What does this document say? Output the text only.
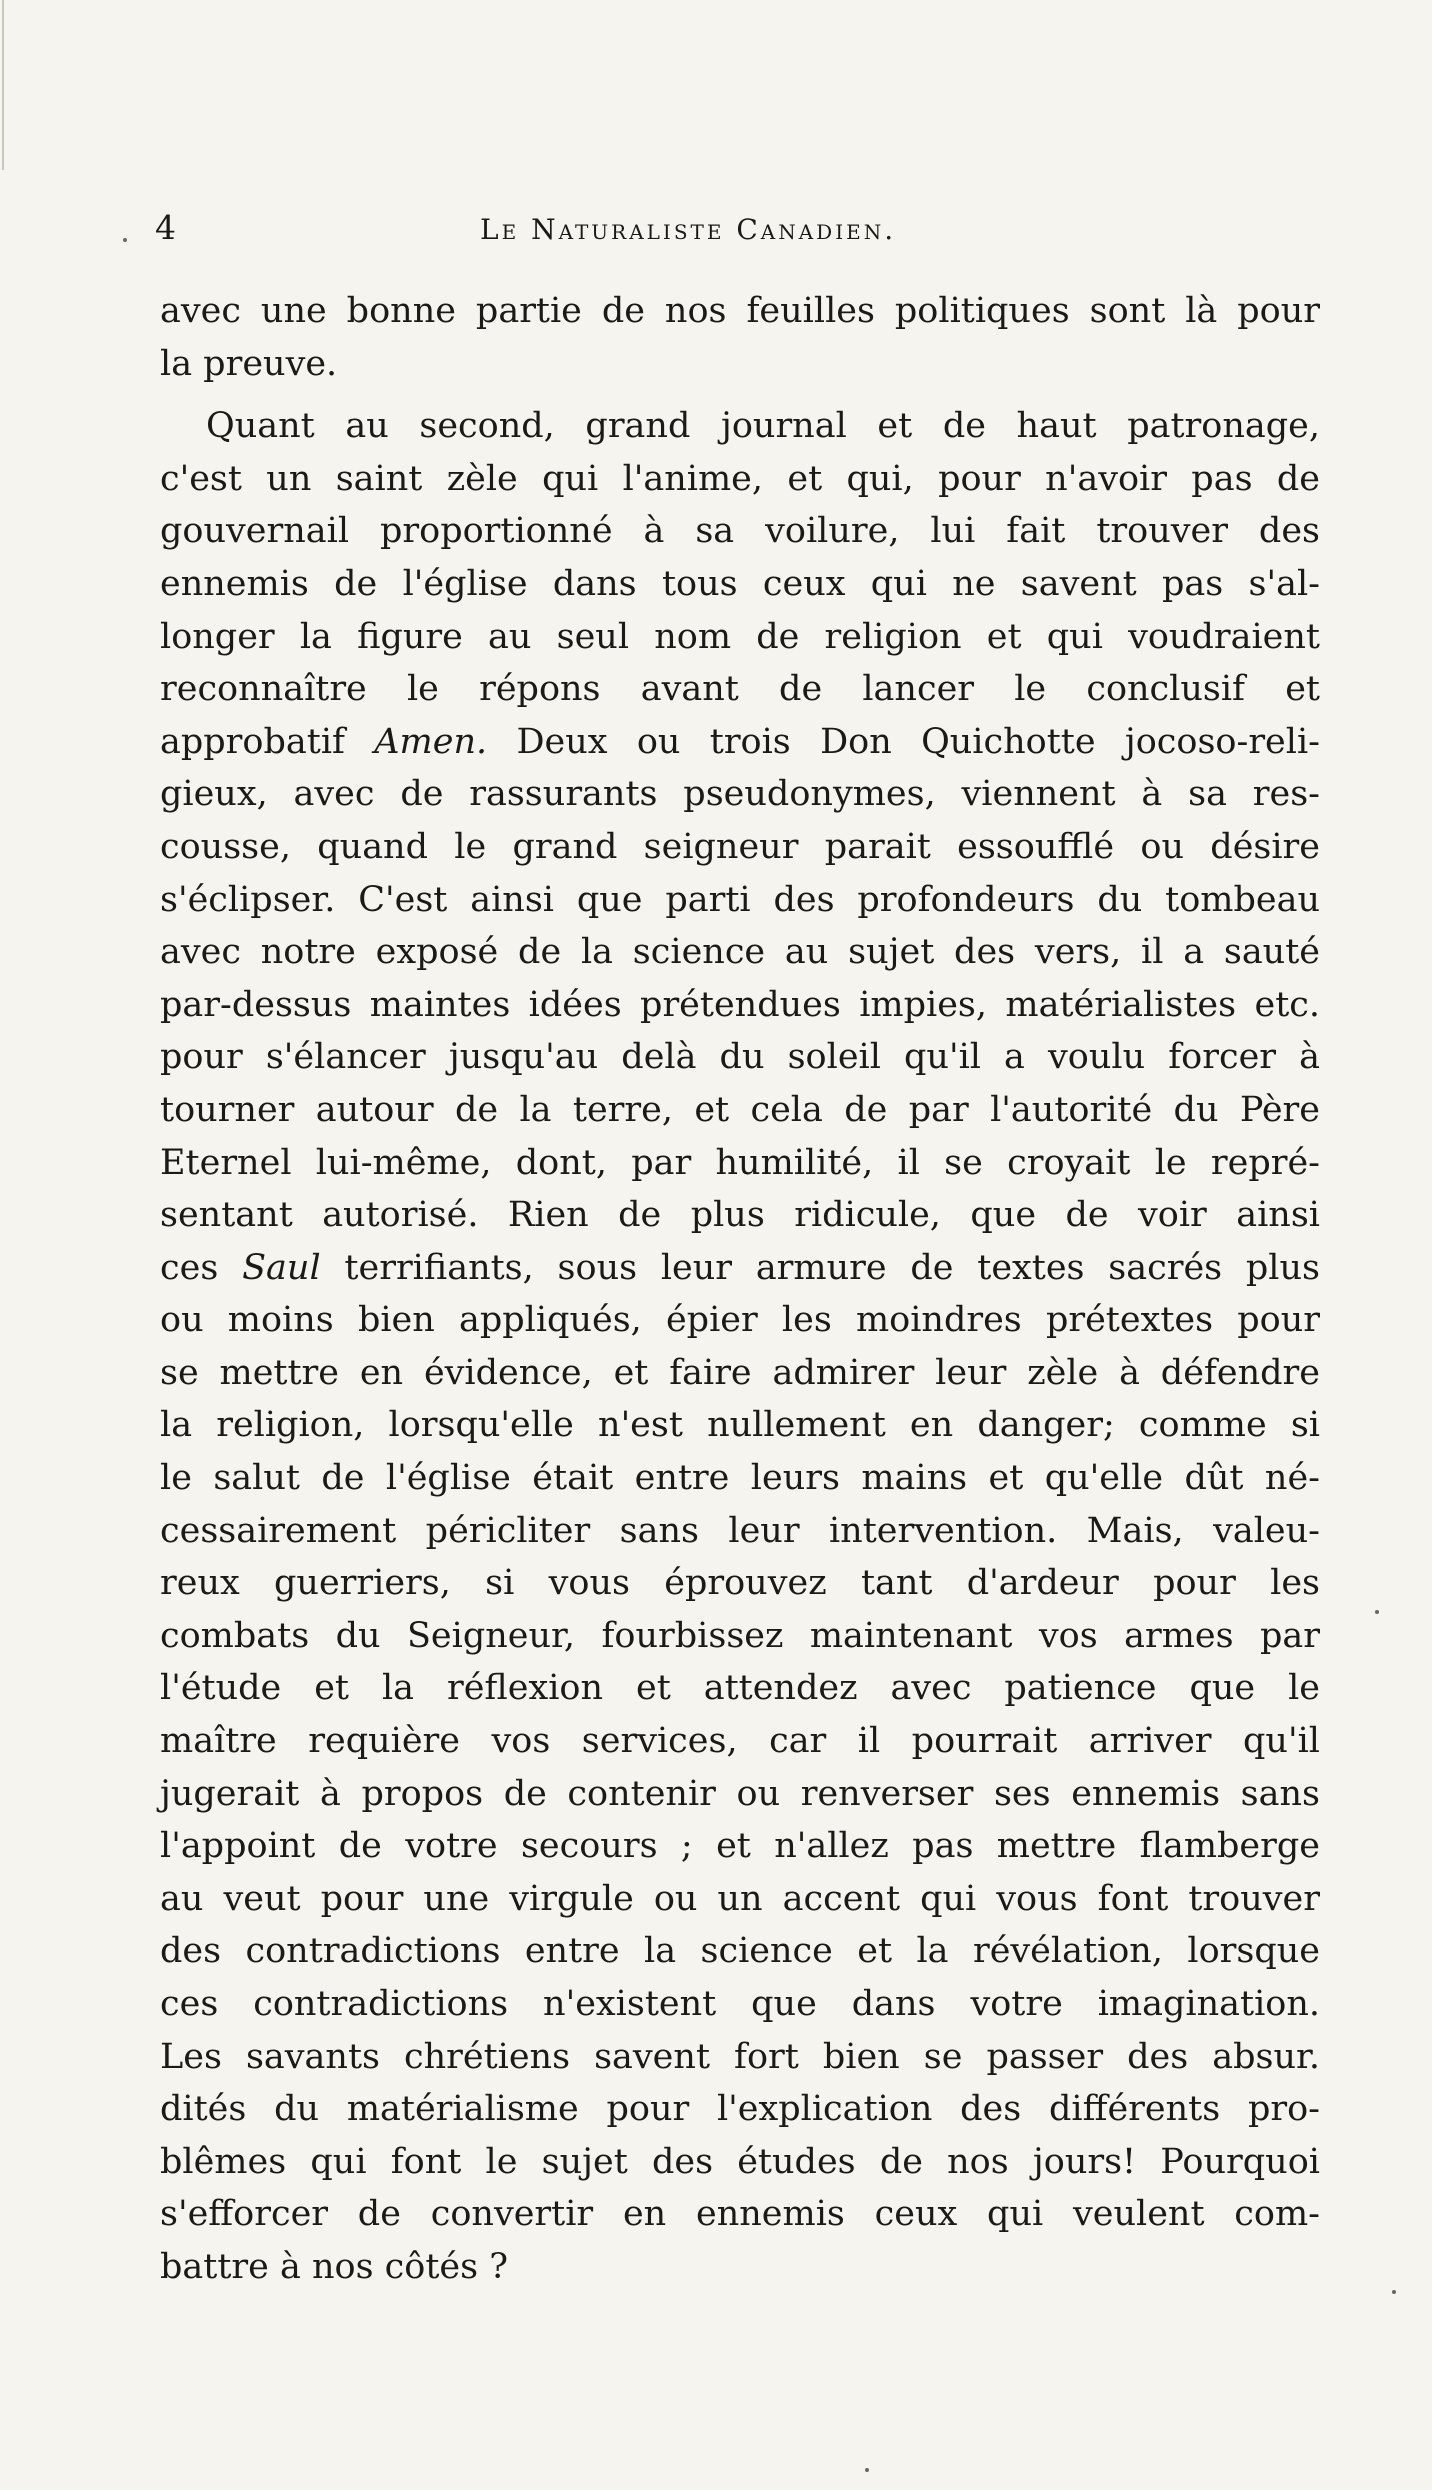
4	Le Naturaliste Canadien.
avec une bonne partie de nos feuilles politiques sont là pour
la preuve.
Quant au second, grand journal et de haut patronage,
c'est un saint zèle qui l'anime, et qui, pour n'avoir pas de
gouvernail proportionné à sa voilure, lui fait trouver des
ennemis de l'église dans tous ceux qui ne savent pas s'al-
longer la figure au seul nom de religion et qui voudraient
reconnaître le répons avant de lancer le conclusif et
approbatif Amen. Deux ou trois Don Quichotte jocoso-reli-
gieux, avec de rassurants pseudonymes, viennent à sa res-
cousse, quand le grand seigneur parait essoufflé ou désire
s'éclipser. C'est ainsi que parti des profondeurs du tombeau
avec notre exposé de la science au sujet des vers, il a sauté
par-dessus maintes idées prétendues impies, matérialistes etc.
pour s'élancer jusqu'au delà du soleil qu'il a voulu forcer à
tourner autour de la terre, et cela de par l'autorité du Père
Eternel lui-même, dont, par humilité, il se croyait le repré-
sentant autorisé. Rien de plus ridicule, que de voir ainsi
ces Saul terrifiants, sous leur armure de textes sacrés plus
ou moins bien appliqués, épier les moindres prétextes pour
se mettre en évidence, et faire admirer leur zèle à défendre
la religion, lorsqu'elle n'est nullement en danger; comme si
le salut de l'église était entre leurs mains et qu'elle dût né-
cessairement péricliter sans leur intervention. Mais, valeu-
reux guerriers, si vous éprouvez tant d'ardeur pour les
combats du Seigneur, fourbissez maintenant vos armes par
l'étude et la réflexion et attendez avec patience que le
maître requière vos services, car il pourrait arriver qu'il
jugerait à propos de contenir ou renverser ses ennemis sans
l'appoint de votre secours ; et n'allez pas mettre flamberge
au veut pour une virgule ou un accent qui vous font trouver
des contradictions entre la science et la révélation, lorsque
ces contradictions n'existent que dans votre imagination.
Les savants chrétiens savent fort bien se passer des absur.
dités du matérialisme pour l'explication des différents pro-
blêmes qui font le sujet des études de nos jours! Pourquoi
s'efforcer de convertir en ennemis ceux qui veulent com-
battre à nos côtés ?
